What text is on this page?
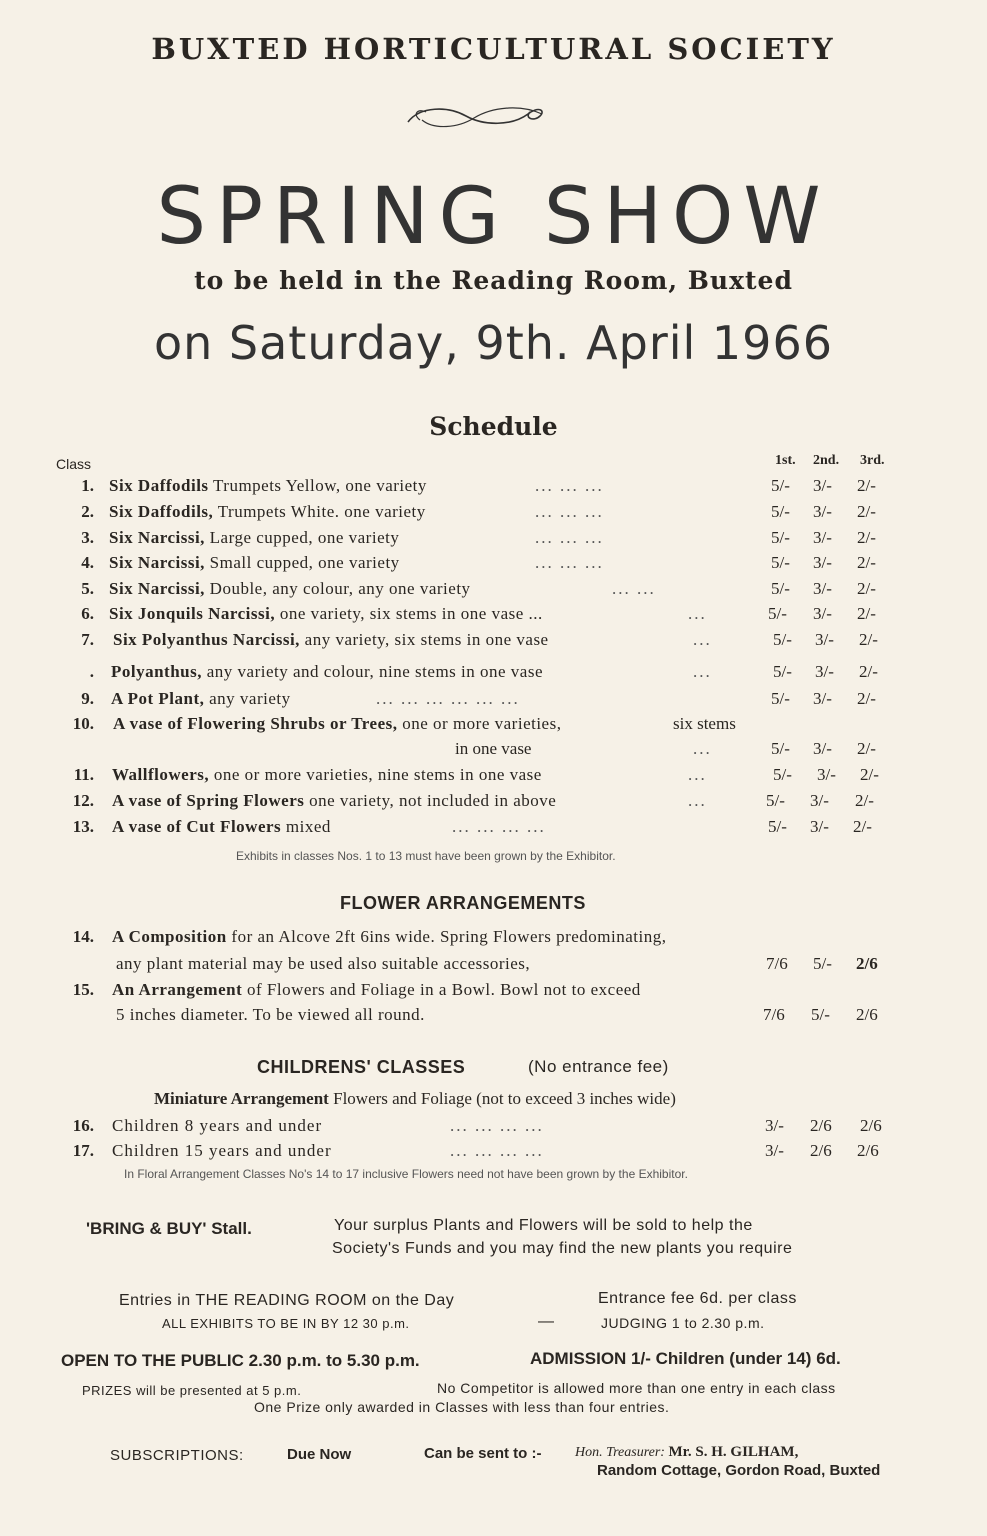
BUXTED HORTICULTURAL SOCIETY
SPRING SHOW
to be held in the Reading Room, Buxted
on Saturday, 9th. April 1966
Schedule
Class	1st. 2nd. 3rd.
1. Six Daffodils Trumpets Yellow, one variety	... ... ...	5/- 3/- 2/-
2. Six Daffodils, Trumpets White. one variety	... ... ...	5/- 3/- 2/-
3. Six Narcissi, Large cupped, one variety	... ... ...	5/- 3/- 2/-
4. Six Narcissi, Small cupped, one variety	... ... ...	5/- 3/- 2/-
5. Six Narcissi, Double, any colour, any one variety	... ...	5/- 3/- 2/-
6. Six Jonquils Narcissi, one variety, six stems in one vase ...	...	5/- 3/- 2/-
7. Six Polyanthus Narcissi, any variety, six stems in one vase	...	5/- 3/- 2/-
. Polyanthus, any variety and colour, nine stems in one vase	...	5/- 3/- 2/-
9. A Pot Plant, any variety	... ... ... ... ... ...	5/- 3/- 2/-
10. A vase of Flowering Shrubs or Trees, one or more varieties,	six stems
in one vase	...	5/- 3/- 2/-
11. Wallflowers, one or more varieties, nine stems in one vase	...	5/- 3/- 2/-
12. A vase of Spring Flowers one variety, not included in above	...	5/- 3/- 2/-
13. A vase of Cut Flowers mixed	... ... ... ...	5/- 3/- 2/-
Exhibits in classes Nos. 1 to 13 must have been grown by the Exhibitor.
FLOWER ARRANGEMENTS
14. A Composition for an Alcove 2ft 6ins wide. Spring Flowers predominating,
any plant material may be used also suitable accessories,	7/6 5/- 2/6
15. An Arrangement of Flowers and Foliage in a Bowl. Bowl not to exceed
5 inches diameter. To be viewed all round.	7/6 5/- 2/6
CHILDRENS' CLASSES	(No entrance fee)
Miniature Arrangement Flowers and Foliage (not to exceed 3 inches wide)
16. Children 8 years and under	... ... ... ...	3/- 2/6 2/6
17. Children 15 years and under	... ... ... ...	3/- 2/6 2/6
In Floral Arrangement Classes No's 14 to 17 inclusive Flowers need not have been grown by the Exhibitor.
'BRING & BUY' Stall.	Your surplus Plants and Flowers will be sold to help the
Society's Funds and you may find the new plants you require
Entries in THE READING ROOM on the Day	Entrance fee 6d. per class
ALL EXHIBITS TO BE IN BY 12 30 p.m.	—	JUDGING 1 to 2.30 p.m.
OPEN TO THE PUBLIC 2.30 p.m. to 5.30 p.m.	ADMISSION 1/- Children (under 14) 6d.
PRIZES will be presented at 5 p.m.	No Competitor is allowed more than one entry in each class
One Prize only awarded in Classes with less than four entries.
SUBSCRIPTIONS:	Due Now	Can be sent to :- Hon. Treasurer: Mr. S. H. GILHAM,
Random Cottage, Gordon Road, Buxted
